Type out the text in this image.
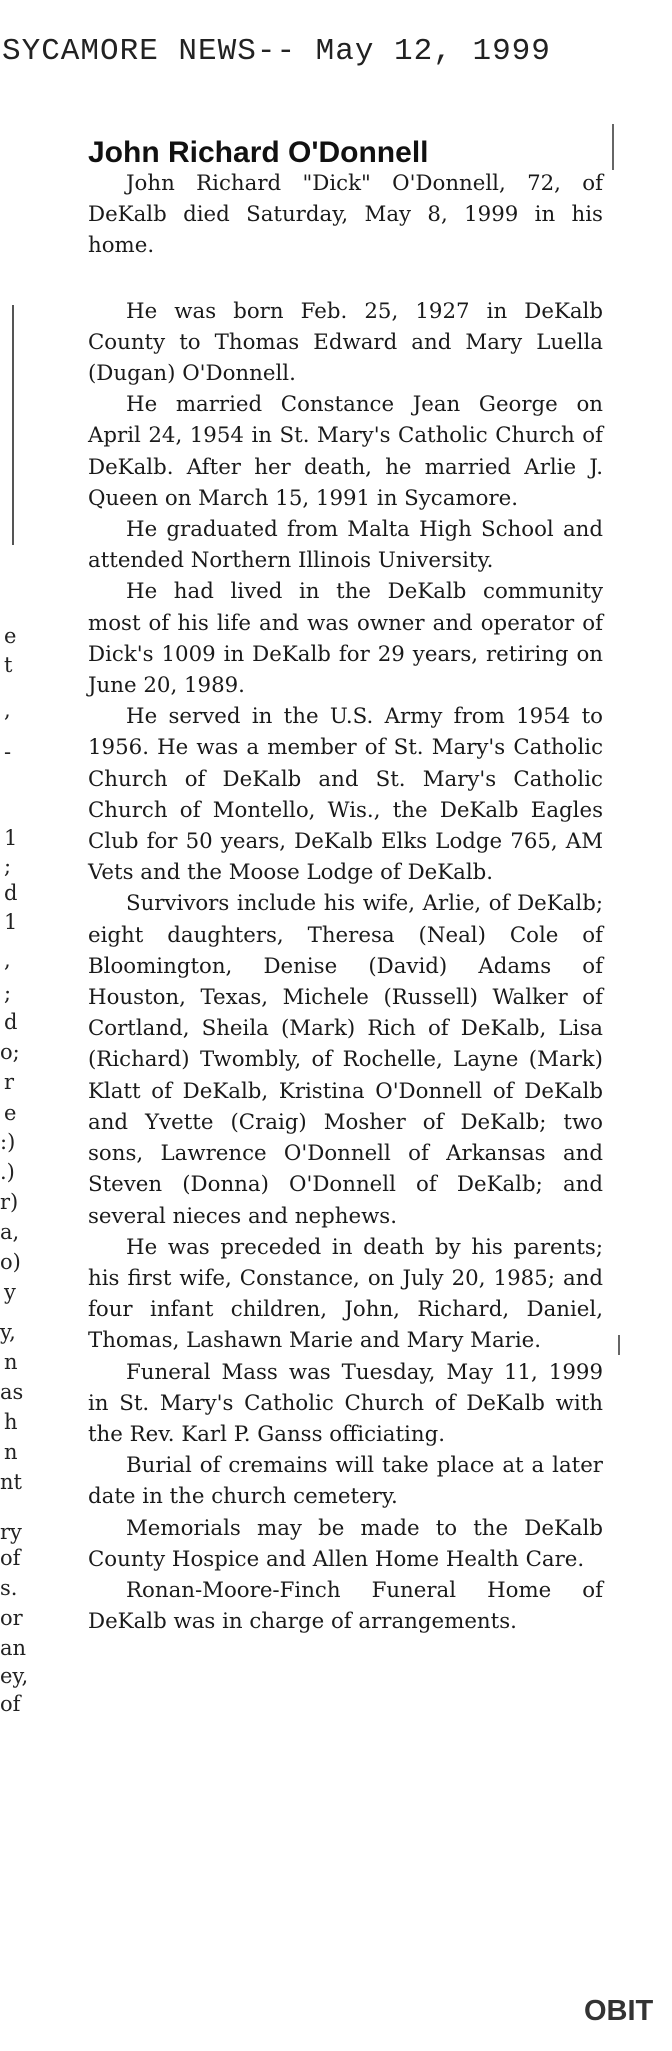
SYCAMORE NEWS-- May 12, 1999
e
t
,
-
1
;
d
1
,
;
d
o;
r
e
:)
.)
r)
a,
o)
y
y,
n
as
h
n
nt
ry
of
s.
or
an
ey,
of
John Richard O'Donnell

John Richard "Dick" O'Donnell, 72, of DeKalb died Saturday, May 8, 1999 in his home.

He was born Feb. 25, 1927 in DeKalb County to Thomas Edward and Mary Luella (Dugan) O'Donnell.

He married Constance Jean George on April 24, 1954 in St. Mary's Catholic Church of DeKalb. After her death, he married Arlie J. Queen on March 15, 1991 in Sycamore.

He graduated from Malta High School and attended Northern Illinois University.

He had lived in the DeKalb community most of his life and was owner and operator of Dick's 1009 in DeKalb for 29 years, retiring on June 20, 1989.

He served in the U.S. Army from 1954 to 1956. He was a member of St. Mary's Catholic Church of DeKalb and St. Mary's Catholic Church of Montello, Wis., the DeKalb Eagles Club for 50 years, DeKalb Elks Lodge 765, AM Vets and the Moose Lodge of DeKalb.

Survivors include his wife, Arlie, of DeKalb; eight daughters, Theresa (Neal) Cole of Bloomington, Denise (David) Adams of Houston, Texas, Michele (Russell) Walker of Cortland, Sheila (Mark) Rich of DeKalb, Lisa (Richard) Twombly, of Rochelle, Layne (Mark) Klatt of DeKalb, Kristina O'Donnell of DeKalb and Yvette (Craig) Mosher of DeKalb; two sons, Lawrence O'Donnell of Arkansas and Steven (Donna) O'Donnell of DeKalb; and several nieces and nephews.

He was preceded in death by his parents; his first wife, Constance, on July 20, 1985; and four infant children, John, Richard, Daniel, Thomas, Lashawn Marie and Mary Marie.

Funeral Mass was Tuesday, May 11, 1999 in St. Mary's Catholic Church of DeKalb with the Rev. Karl P. Ganss officiating.

Burial of cremains will take place at a later date in the church cemetery.

Memorials may be made to the DeKalb County Hospice and Allen Home Health Care.

Ronan-Moore-Finch Funeral Home of DeKalb was in charge of arrangements.

OBIT
